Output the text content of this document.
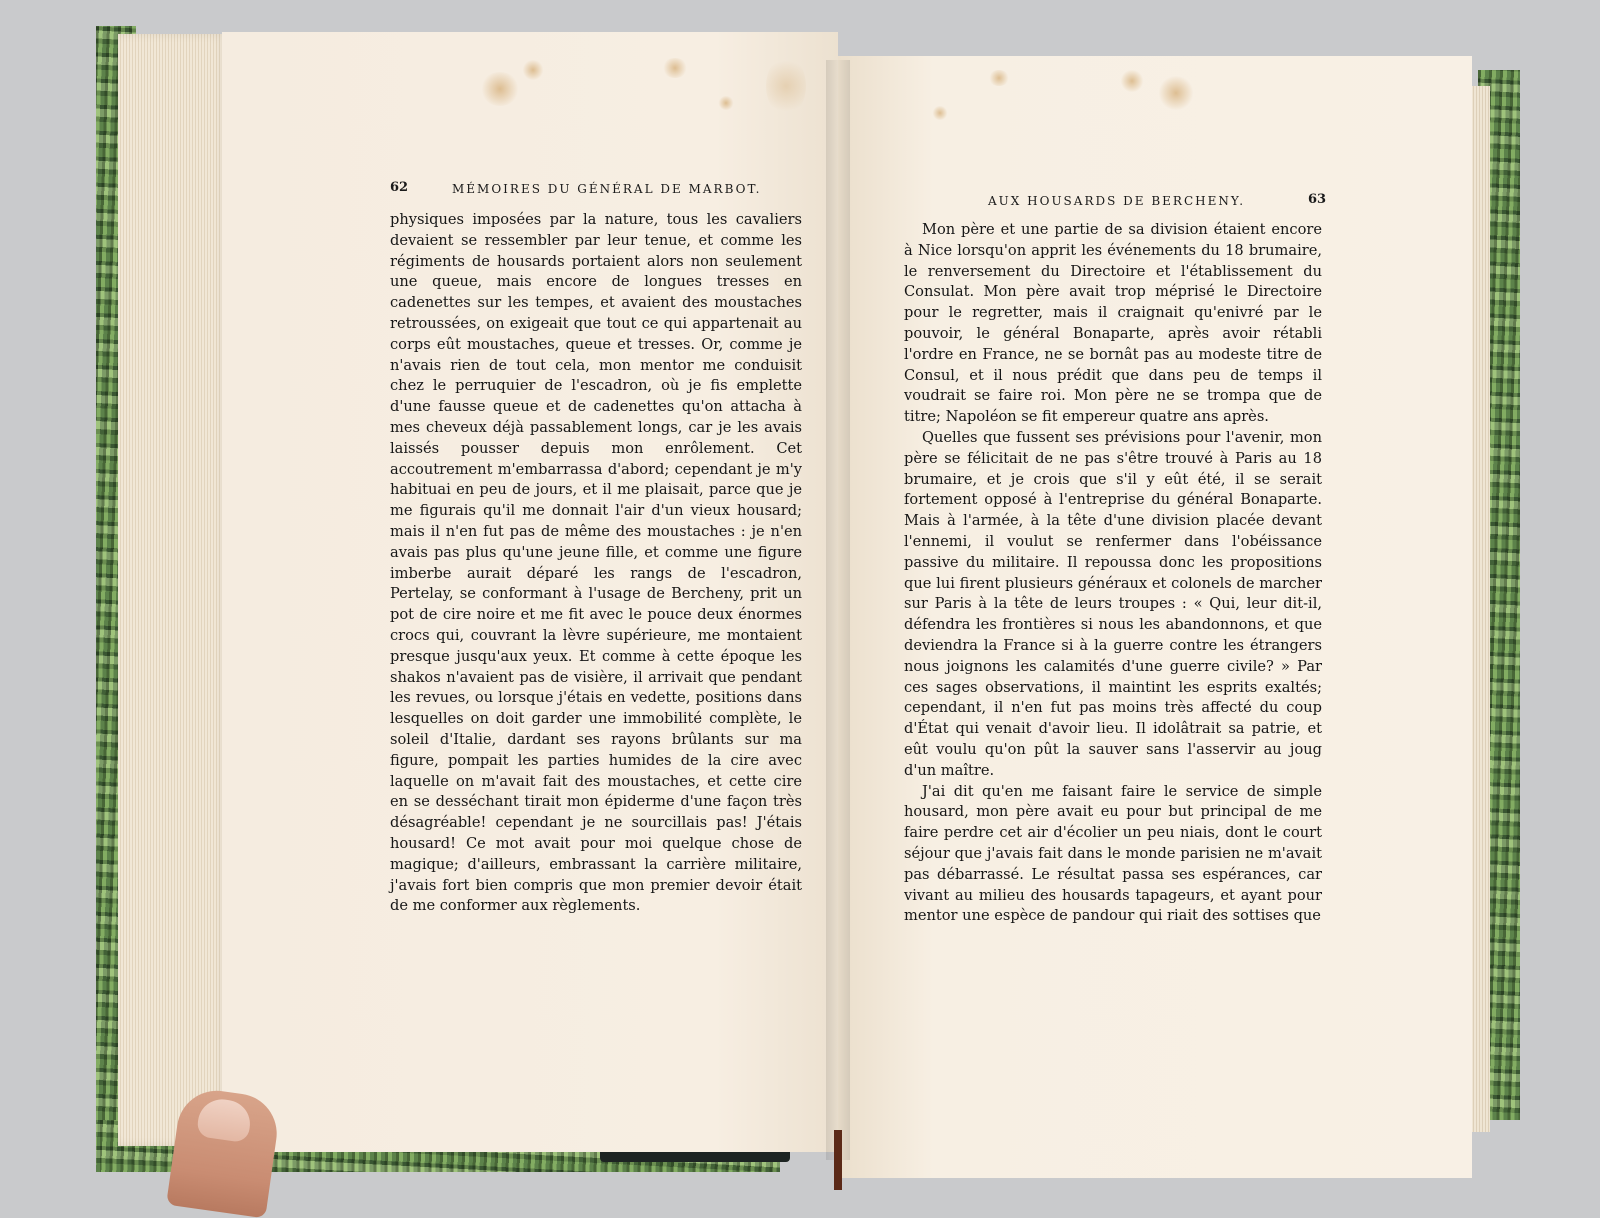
62	MÉMOIRES DU GÉNÉRAL DE MARBOT.

physiques imposées par la nature, tous les cavaliers devaient se ressembler par leur tenue, et comme les régiments de housards portaient alors non seulement une queue, mais encore de longues tresses en cadenettes sur les tempes, et avaient des moustaches retroussées, on exigeait que tout ce qui appartenait au corps eût moustaches, queue et tresses. Or, comme je n'avais rien de tout cela, mon mentor me conduisit chez le perruquier de l'escadron, où je fis emplette d'une fausse queue et de cadenettes qu'on attacha à mes cheveux déjà passablement longs, car je les avais laissés pousser depuis mon enrôlement. Cet accoutrement m'embarrassa d'abord; cependant je m'y habituai en peu de jours, et il me plaisait, parce que je me figurais qu'il me donnait l'air d'un vieux housard; mais il n'en fut pas de même des moustaches : je n'en avais pas plus qu'une jeune fille, et comme une figure imberbe aurait déparé les rangs de l'escadron, Pertelay, se conformant à l'usage de Bercheny, prit un pot de cire noire et me fit avec le pouce deux énormes crocs qui, couvrant la lèvre supérieure, me montaient presque jusqu'aux yeux. Et comme à cette époque les shakos n'avaient pas de visière, il arrivait que pendant les revues, ou lorsque j'étais en vedette, positions dans lesquelles on doit garder une immobilité complète, le soleil d'Italie, dardant ses rayons brûlants sur ma figure, pompait les parties humides de la cire avec laquelle on m'avait fait des moustaches, et cette cire en se desséchant tirait mon épiderme d'une façon très désagréable! cependant je ne sourcillais pas! J'étais housard! Ce mot avait pour moi quelque chose de magique; d'ailleurs, embrassant la carrière militaire, j'avais fort bien compris que mon premier devoir était de me conformer aux règlements.

AUX HOUSARDS DE BERCHENY.	63

Mon père et une partie de sa division étaient encore à Nice lorsqu'on apprit les événements du 18 brumaire, le renversement du Directoire et l'établissement du Consulat. Mon père avait trop méprisé le Directoire pour le regretter, mais il craignait qu'enivré par le pouvoir, le général Bonaparte, après avoir rétabli l'ordre en France, ne se bornât pas au modeste titre de Consul, et il nous prédit que dans peu de temps il voudrait se faire roi. Mon père ne se trompa que de titre; Napoléon se fit empereur quatre ans après.

Quelles que fussent ses prévisions pour l'avenir, mon père se félicitait de ne pas s'être trouvé à Paris au 18 brumaire, et je crois que s'il y eût été, il se serait fortement opposé à l'entreprise du général Bonaparte. Mais à l'armée, à la tête d'une division placée devant l'ennemi, il voulut se renfermer dans l'obéissance passive du militaire. Il repoussa donc les propositions que lui firent plusieurs généraux et colonels de marcher sur Paris à la tête de leurs troupes : « Qui, leur dit-il, défendra les frontières si nous les abandonnons, et que deviendra la France si à la guerre contre les étrangers nous joignons les calamités d'une guerre civile? » Par ces sages observations, il maintint les esprits exaltés; cependant, il n'en fut pas moins très affecté du coup d'État qui venait d'avoir lieu. Il idolâtrait sa patrie, et eût voulu qu'on pût la sauver sans l'asservir au joug d'un maître.

J'ai dit qu'en me faisant faire le service de simple housard, mon père avait eu pour but principal de me faire perdre cet air d'écolier un peu niais, dont le court séjour que j'avais fait dans le monde parisien ne m'avait pas débarrassé. Le résultat passa ses espérances, car vivant au milieu des housards tapageurs, et ayant pour mentor une espèce de pandour qui riait des sottises que
